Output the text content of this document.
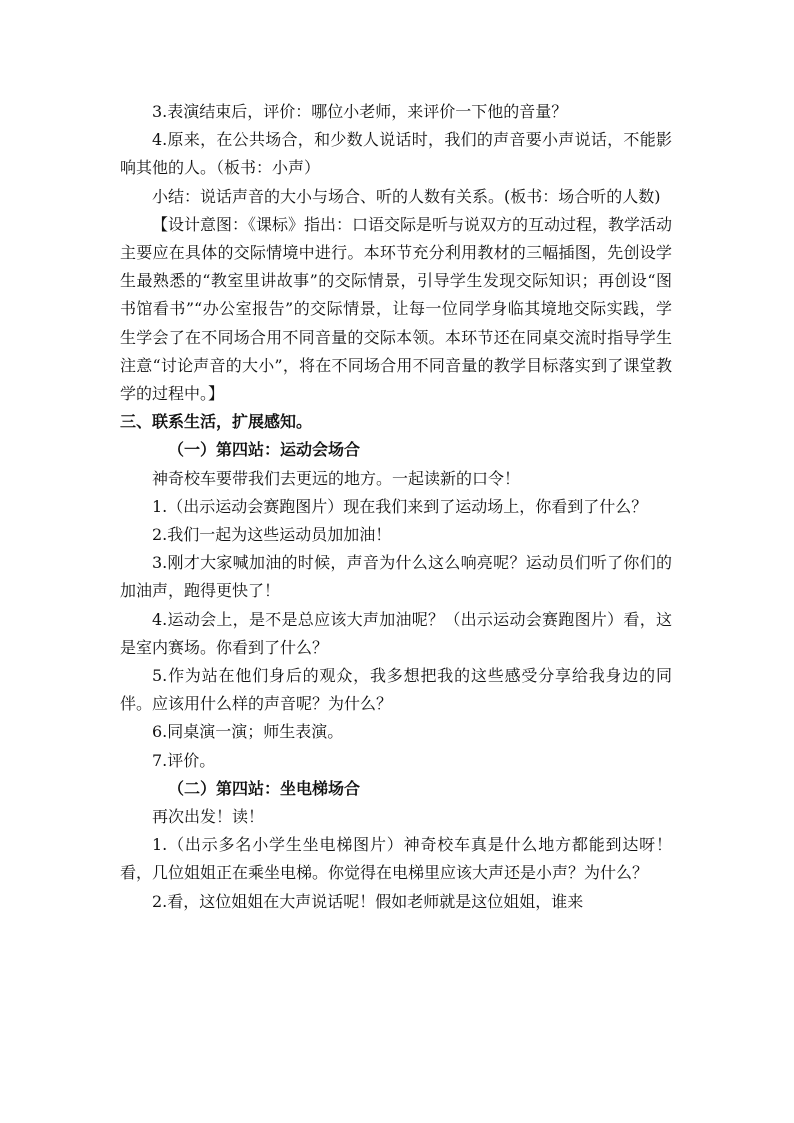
3.表演结束后，评价：哪位小老师，来评价一下他的音量？

4.原来，在公共场合，和少数人说话时，我们的声音要小声说话，不能影响其他的人。（板书：小声）

小结：说话声音的大小与场合、听的人数有关系。(板书：场合听的人数)

【设计意图：《课标》指出：口语交际是听与说双方的互动过程，教学活动主要应在具体的交际情境中进行。本环节充分利用教材的三幅插图，先创设学生最熟悉的“教室里讲故事”的交际情景，引导学生发现交际知识；再创设“图书馆看书”“办公室报告”的交际情景，让每一位同学身临其境地交际实践，学生学会了在不同场合用不同音量的交际本领。本环节还在同桌交流时指导学生注意“讨论声音的大小”，将在不同场合用不同音量的教学目标落实到了课堂教学的过程中。】

三、联系生活，扩展感知。

（一）第四站：运动会场合

神奇校车要带我们去更远的地方。一起读新的口令！

1.（出示运动会赛跑图片）现在我们来到了运动场上，你看到了什么？

2.我们一起为这些运动员加加油！

3.刚才大家喊加油的时候，声音为什么这么响亮呢？运动员们听了你们的加油声，跑得更快了！

4.运动会上，是不是总应该大声加油呢？（出示运动会赛跑图片）看，这是室内赛场。你看到了什么？

5.作为站在他们身后的观众，我多想把我的这些感受分享给我身边的同伴。应该用什么样的声音呢？为什么？

6.同桌演一演；师生表演。

7.评价。

（二）第四站：坐电梯场合

再次出发！读！

1.（出示多名小学生坐电梯图片）神奇校车真是什么地方都能到达呀！看，几位姐姐正在乘坐电梯。你觉得在电梯里应该大声还是小声？为什么？

2.看，这位姐姐在大声说话呢！假如老师就是这位姐姐，谁来
